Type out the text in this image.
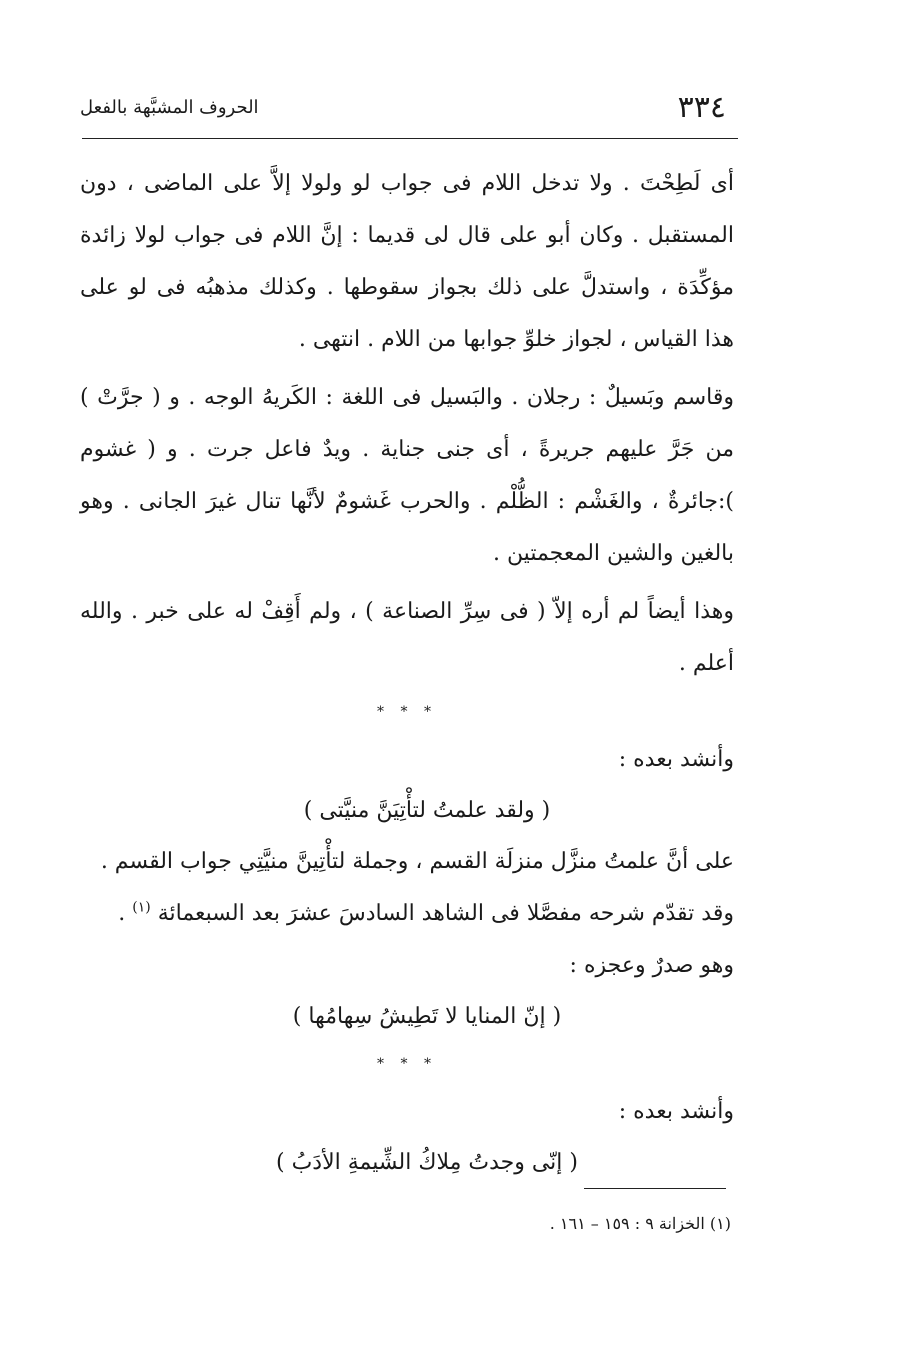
٣٣٤
الحروف المشبَّهة بالفعل

أى لَطِحْتَ . ولا تدخل اللام فى جواب لو ولولا إلاَّ على الماضى ، دون المستقبل . وكان أبو على قال لى قديما : إنَّ اللام فى جواب لولا زائدة مؤكِّدَة ، واستدلَّ على ذلك بجواز سقوطها . وكذلك مذهبُه فى لو على هذا القياس ، لجواز خلوِّ جوابها من اللام . انتهى .

وقاسم وبَسيلٌ : رجلان . والبَسيل فى اللغة : الكَريهُ الوجه . و ( جرَّتْ ) من جَرَّ عليهم جريرةً ، أى جنى جناية . ويدٌ فاعل جرت . و ( غشوم ):جائرةٌ ، والغَشْم : الظُّلْم . والحرب غَشومٌ لأنَّها تنال غيرَ الجانى . وهو بالغين والشين المعجمتين .

وهذا أيضاً لم أره إلاّ ( فى سِرِّ الصناعة ) ، ولم أَقِفْ له على خبر . والله أعلم .

* * *

وأنشد بعده :

( ولقد علمتُ لتأْتِيَنَّ منيَّتى )

على أنَّ علمتُ منزَّل منزلَة القسم ، وجملة لتأْتِينَّ منيَّتِي جواب القسم .

وقد تقدّم شرحه مفصَّلا فى الشاهد السادسَ عشرَ بعد السبعمائة $^{(١)}$ .

وهو صدرٌ وعجزه :

( إنّ المنايا لا تَطِيشُ سِهامُها )

* * *

وأنشد بعده :

( إنّى وجدتُ مِلاكُ الشِّيمةِ الأدَبُ )

(١) الخزانة ٩ : ١٥٩ – ١٦١ .
